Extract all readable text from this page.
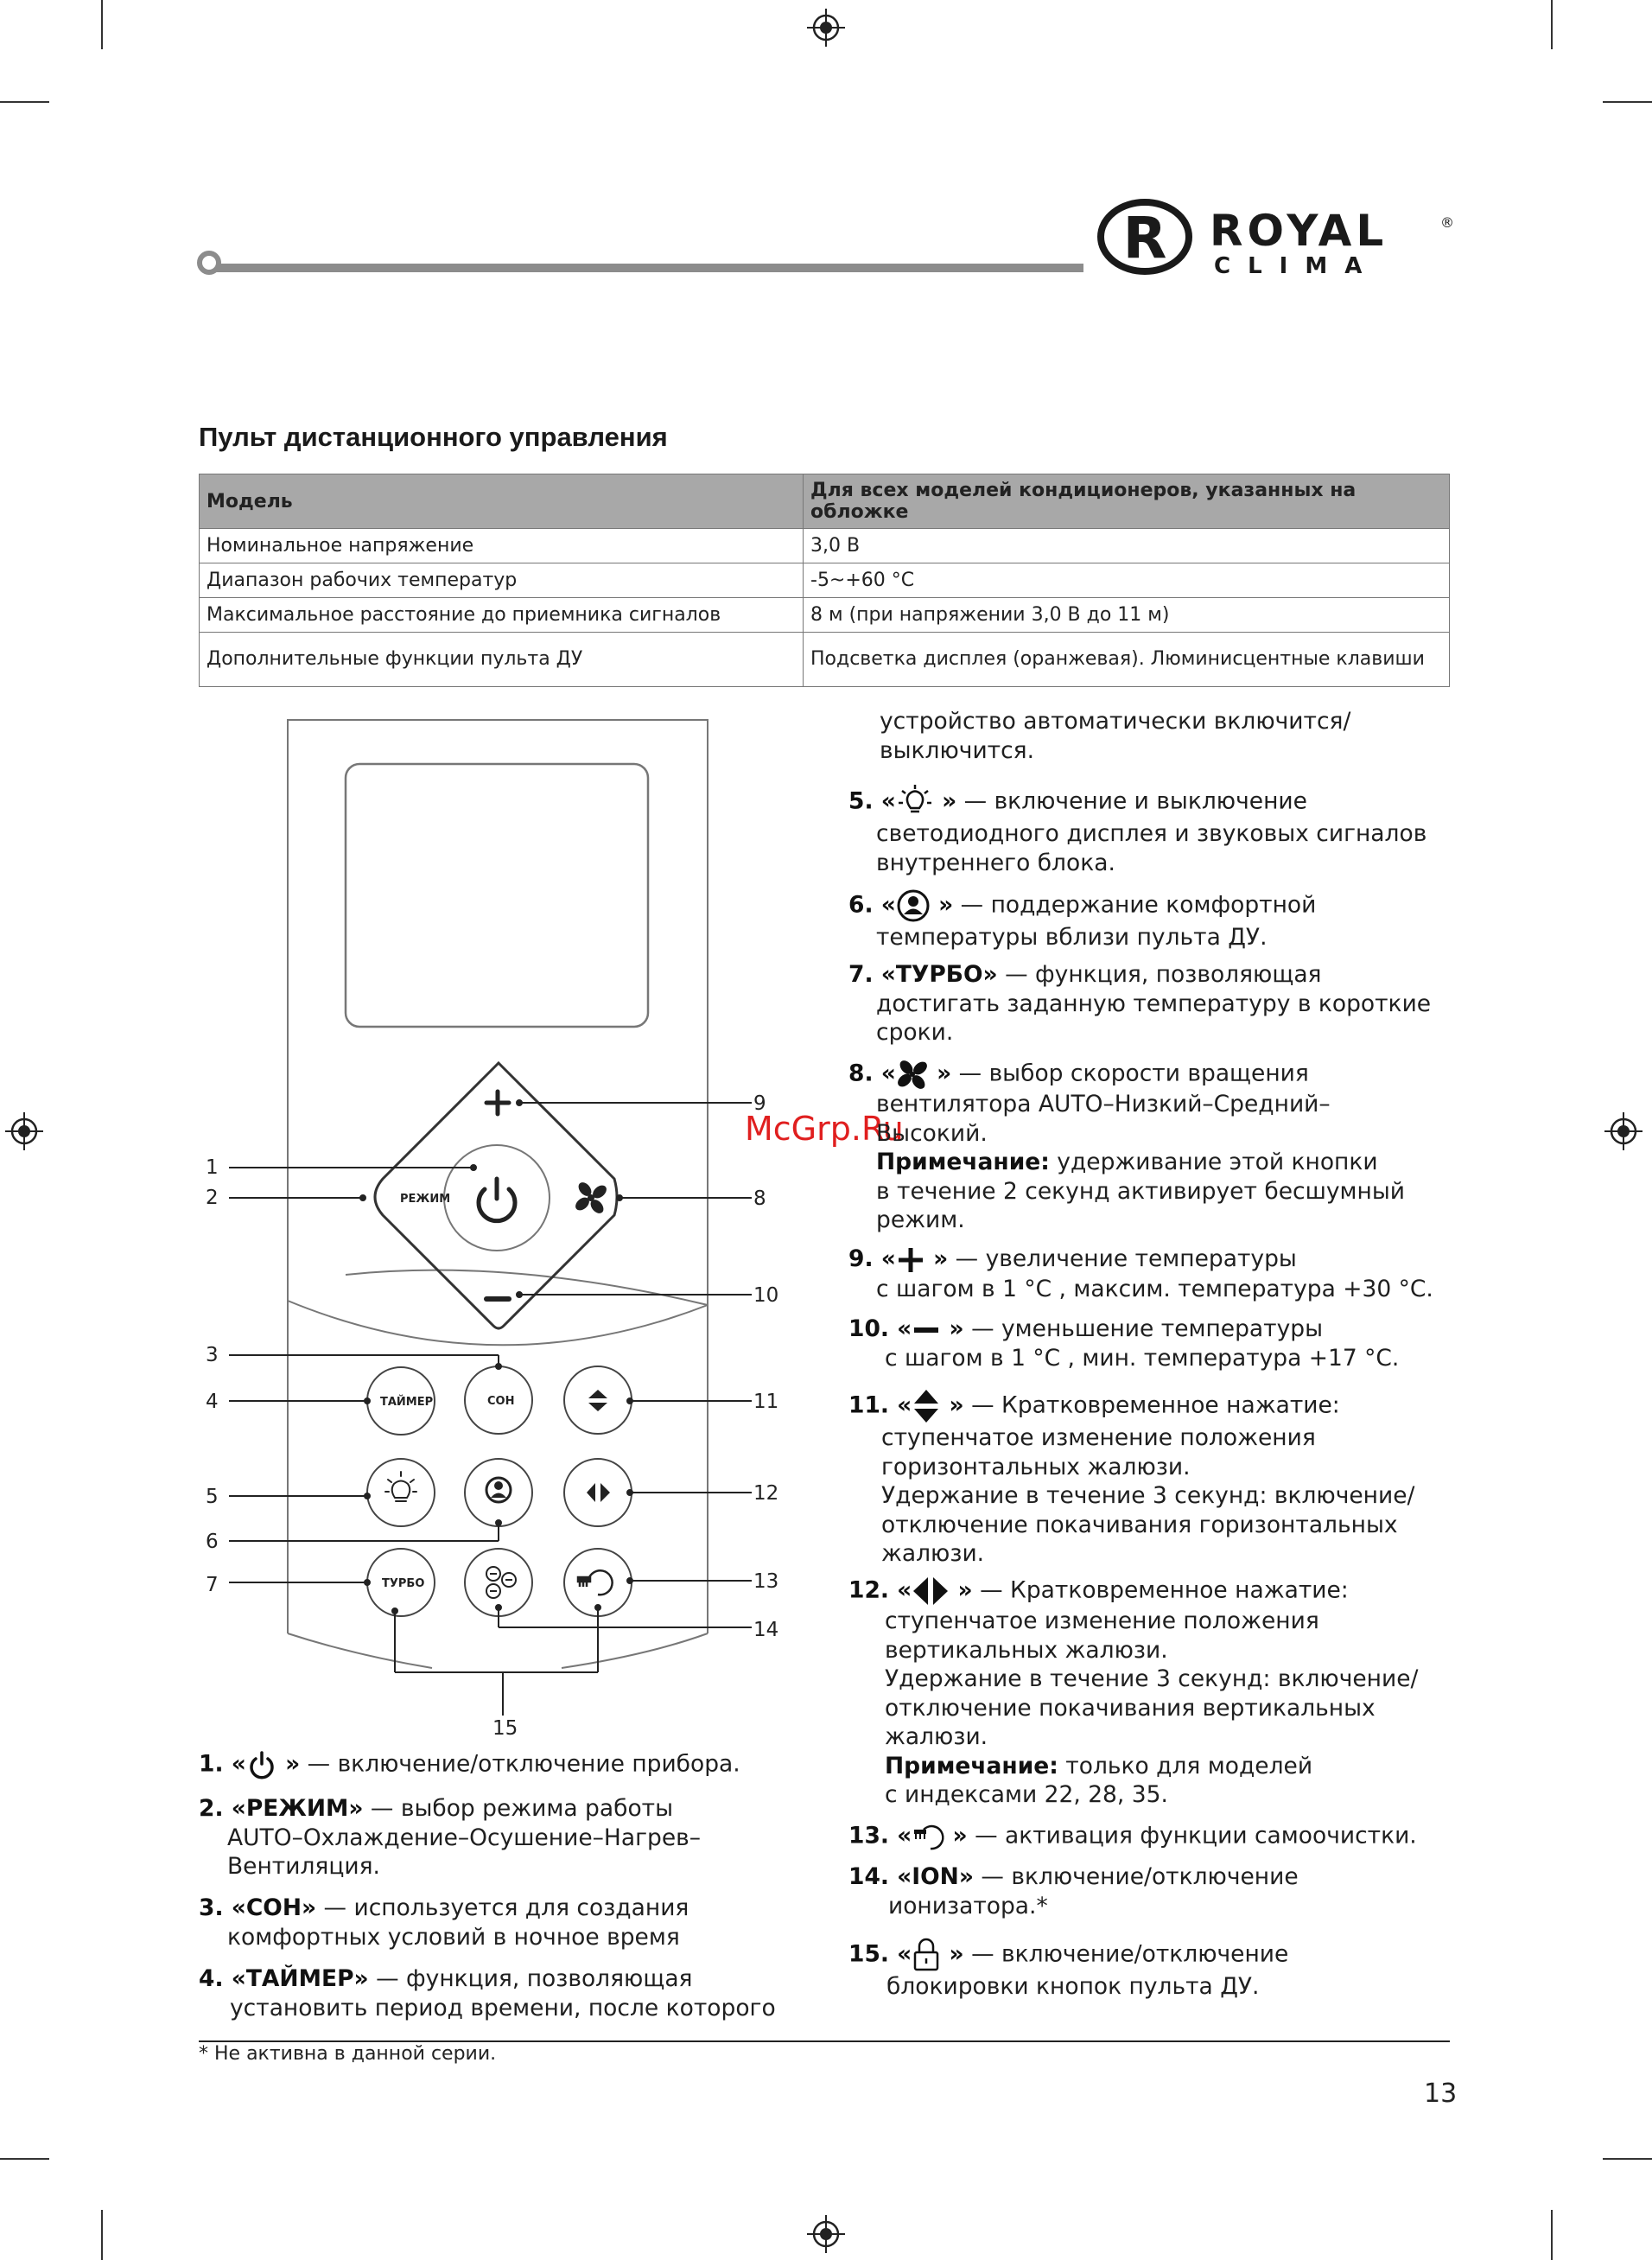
R ROYAL	®
CLIMA
Пульт дистанционного управления
Модель	Для всех моделей кондиционеров, указанных на обложке
Номинальное напряжение	3,0 В
Диапазон рабочих температур	-5~+60 °C
Максимальное расстояние до приемника сигналов	8 м (при напряжении 3,0 В до 11 м)
Дополнительные функции пульта ДУ	Подсветка дисплея (оранжевая). Люминисцентные клавиши
РЕЖИМ
ТАЙМЕР	СОН
ТУРБО
1
2
3
4
5
6
7
8
9
10
11
12
13
14
15
McGrp.Ru
1. «
» — включение/отключение прибора.
2. «РЕЖИМ» — выбор режима работы
AUTO–Охлаждение–Осушение–Нагрев–
Вентиляция.
3. «СОН» — используется для создания
комфортных условий в ночное время
4. «ТАЙМЕР» — функция, позволяющая
установить период времени, после которого
устройство автоматически включится/
выключится.
5. «
» — включение и выключение
светодиодного дисплея и звуковых сигналов
внутреннего блока.
6. «
» — поддержание комфортной
температуры вблизи пульта ДУ.
7. «ТУРБО» — функция, позволяющая
достигать заданную температуру в короткие
сроки.
8. «
» — выбор скорости вращения
вентилятора AUTO–Низкий–Средний–
Высокий.
Примечание: удерживание этой кнопки
в течение 2 секунд активирует бесшумный
режим.
9. «
» — увеличение температуры
с шагом в 1 °C , максим. температура +30 °C.
10. «
» — уменьшение температуры
с шагом в 1 °C , мин. температура +17 °C.
11. «
» — Кратковременное нажатие:
ступенчатое изменение положения
горизонтальных жалюзи.
Удержание в течение 3 секунд: включение/
отключение покачивания горизонтальных
жалюзи.
12. «
» — Кратковременное нажатие:
ступенчатое изменение положения
вертикальных жалюзи.
Удержание в течение 3 секунд: включение/
отключение покачивания вертикальных
жалюзи.
Примечание: только для моделей
с индексами 22, 28, 35.
13. «
» — активация функции самоочистки.
14. «ION» — включение/отключение
ионизатора.*
15. «
» — включение/отключение
блокировки кнопок пульта ДУ.
* Не активна в данной серии.
13
